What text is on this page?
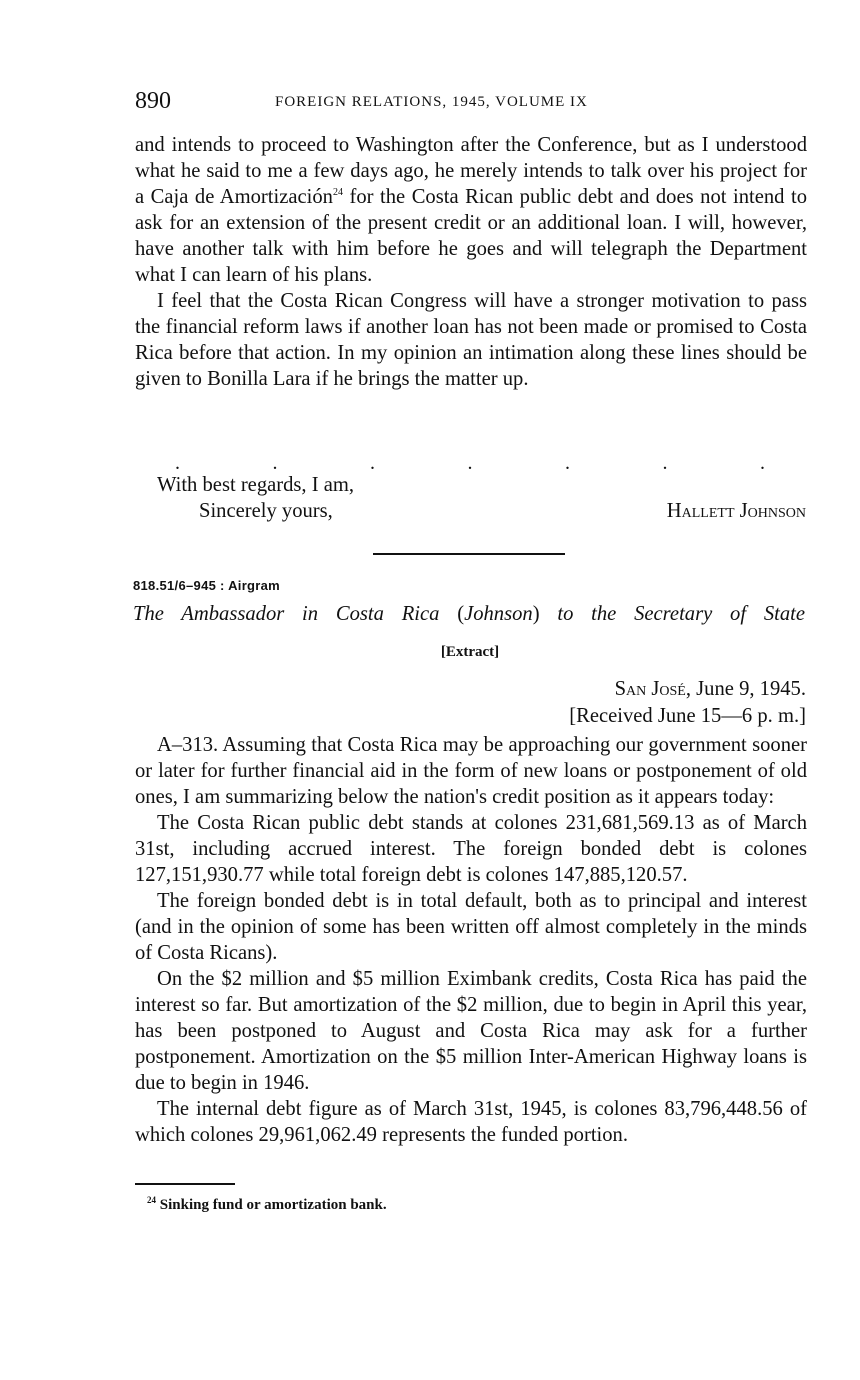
890	FOREIGN RELATIONS, 1945, VOLUME IX

and intends to proceed to Washington after the Conference, but as I understood what he said to me a few days ago, he merely intends to talk over his project for a Caja de Amortización$^{24}$ for the Costa Rican public debt and does not intend to ask for an extension of the present credit or an additional loan. I will, however, have another talk with him before he goes and will telegraph the Department what I can learn of his plans.

I feel that the Costa Rican Congress will have a stronger motivation to pass the financial reform laws if another loan has not been made or promised to Costa Rica before that action. In my opinion an intimation along these lines should be given to Bonilla Lara if he brings the matter up.

.	.	.	.	.	.	.
With best regards, I am,
Sincerely yours,	Hallett Johnson
818.51/6–945 : Airgram
The Ambassador in Costa Rica (Johnson) to the Secretary of State
[Extract]
San José, June 9, 1945.
[Received June 15—6 p. m.]

A–313. Assuming that Costa Rica may be approaching our government sooner or later for further financial aid in the form of new loans or postponement of old ones, I am summarizing below the nation's credit position as it appears today:

The Costa Rican public debt stands at colones 231,681,569.13 as of March 31st, including accrued interest. The foreign bonded debt is colones 127,151,930.77 while total foreign debt is colones 147,885,120.57.

The foreign bonded debt is in total default, both as to principal and interest (and in the opinion of some has been written off almost completely in the minds of Costa Ricans).

On the $2 million and $5 million Eximbank credits, Costa Rica has paid the interest so far. But amortization of the $2 million, due to begin in April this year, has been postponed to August and Costa Rica may ask for a further postponement. Amortization on the $5 million Inter-American Highway loans is due to begin in 1946.

The internal debt figure as of March 31st, 1945, is colones 83,796,448.56 of which colones 29,961,062.49 represents the funded portion.

$^{24}$ Sinking fund or amortization bank.
